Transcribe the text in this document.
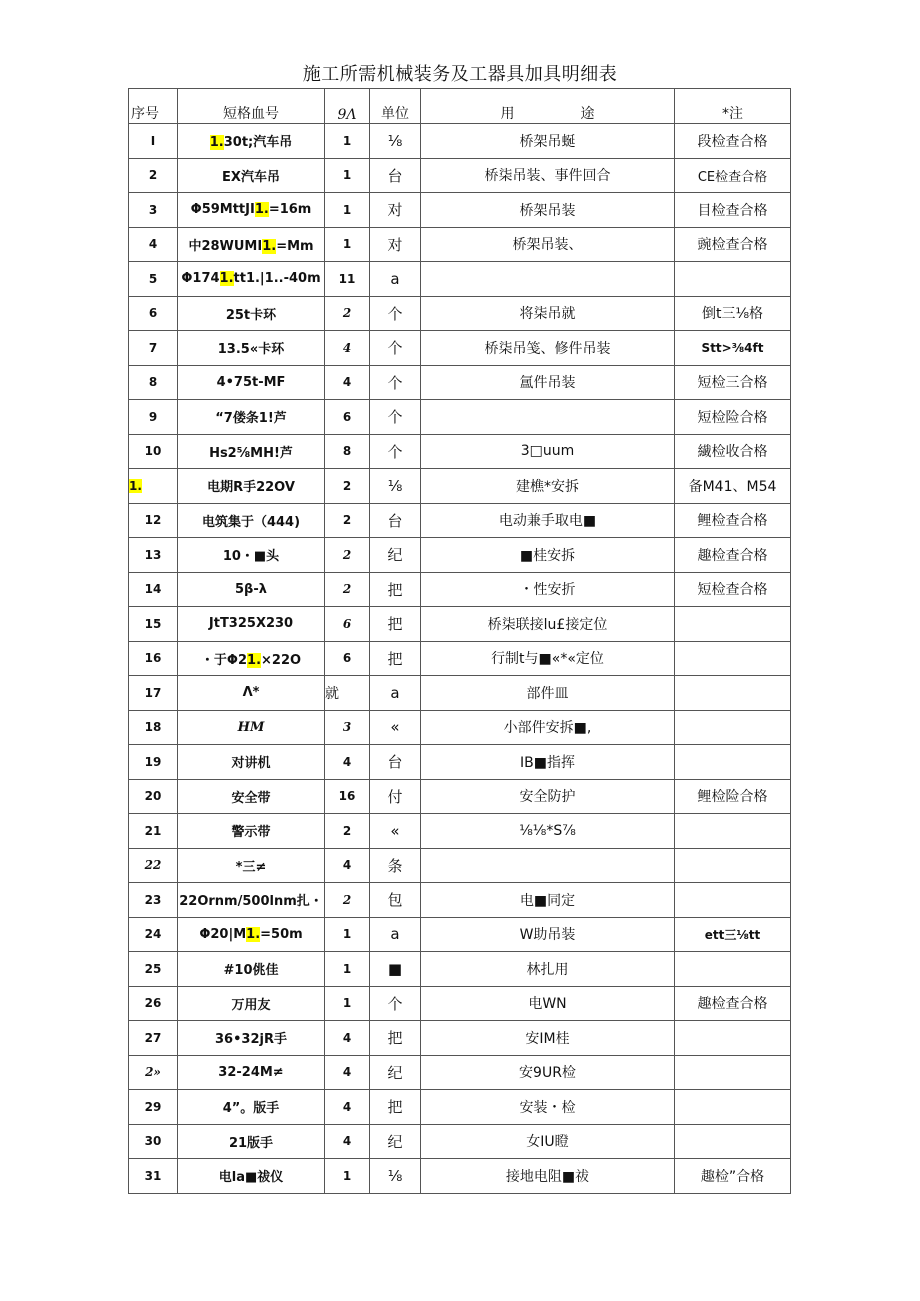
施工所需机械装务及工器具加具明细表
序号	短格血号	9Λ	单位	用 途	*注
I	1.30t;汽车吊	1	⅛	桥架吊蜒	段检查合格
2	EX汽车吊	1	台	桥柒吊装、事件回合	CE检查合格
3	Φ59MttJI1.=16m	1	对	桥架吊装	目检查合格
4	中28WUMI1.=Mm	1	对	桥架吊装、	豌检查合格
5	Φ1741.tt1.|1..-40m	11	a		
6	25t卡环	2	个	将柒吊就	倒t三⅛格
7	13.5«卡环	4	个	桥柒吊笺、修件吊装	Stt>⅜4ft
8	4•75t-MF	4	个	氲件吊装	短检三合格
9	“7偻条1!芦	6	个		短检险合格
10	Hs2⅝MH!芦	8	个	3□uum	繊检收合格
1.	电期R手22OV	2	⅛	建樵*安拆	备M41、M54
12	电筑集于（444)	2	台	电动兼手取电■	鲤检查合格
13	10・■头	2	纪	■桂安拆	趣检查合格
14	5β-λ	2	把	・性安折	短检查合格
15	JtT325X230	6	把	桥柒联接lu£接定位	
16	・于Φ21.×22O	6	把	行制t与■«*«定位	
17	Λ*	就	a	部件皿	
18	HM	3	«	小部件安拆■,	
19	对讲机	4	台	IB■指挥	
20	安全带	16	付	安全防护	鲤检险合格
21	警示带	2	«	⅛⅛*S⅞	
22	*三≠	4	条		
23	22Ornm/500lnm扎・	2	包	电■同定	
24	Φ20|M1.=50m	1	a	W助吊装	ett三⅛tt
25	#10佻佳	1	■	林扎用	
26	万用友	1	个	电WN	趣检查合格
27	36•32jR手	4	把	安IM桂	
2»	32-24M≠	4	纪	安9UR检	
29	4”。版手	4	把	安装・检	
30	21版手	4	纪	女IU瞪	
31	电la■祓仪	1	⅛	接地电阻■祓	趣检”合格
